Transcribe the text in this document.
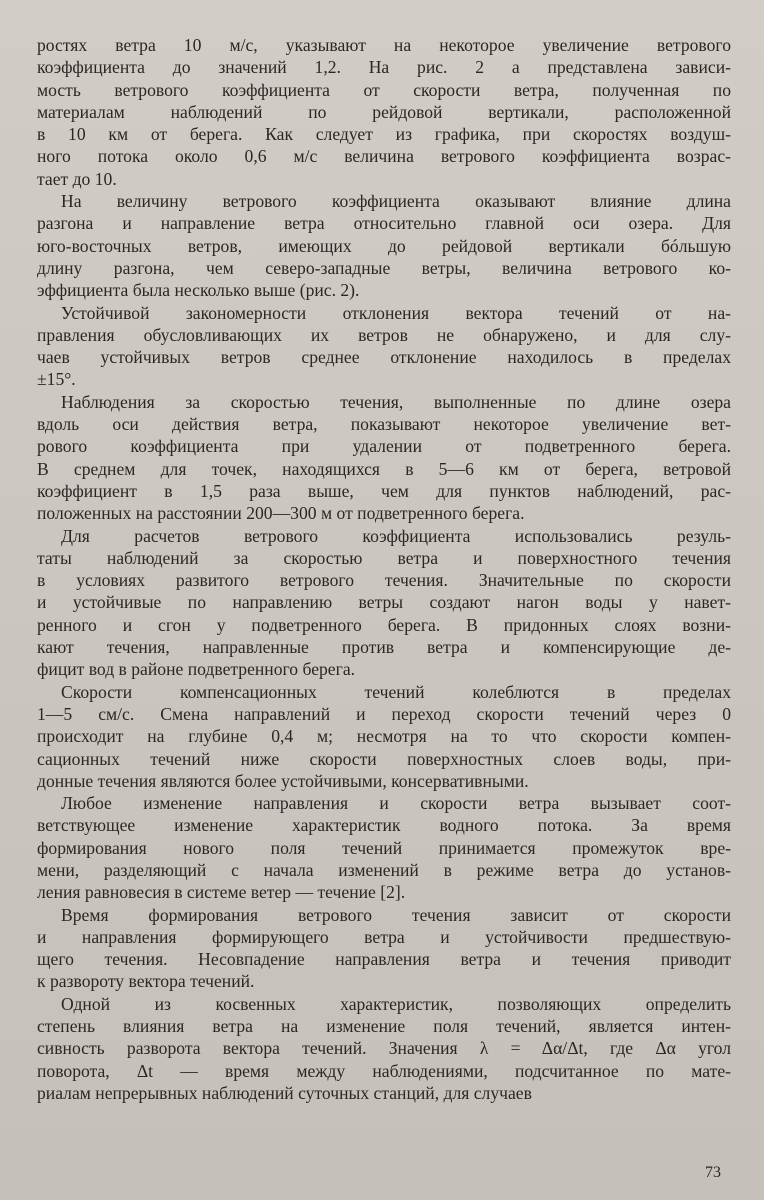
ростях ветра 10 м/с, указывают на некоторое увеличение ветрового
коэффициента до значений 1,2. На рис. 2 а представлена зависи-
мость ветрового коэффициента от скорости ветра, полученная по
материалам наблюдений по рейдовой вертикали, расположенной
в 10 км от берега. Как следует из графика, при скоростях воздуш-
ного потока около 0,6 м/с величина ветрового коэффициента возрас-
тает до 10.
На величину ветрового коэффициента оказывают влияние длина
разгона и направление ветра относительно главной оси озера. Для
юго-восточных ветров, имеющих до рейдовой вертикали бóльшую
длину разгона, чем северо-западные ветры, величина ветрового ко-
эффициента была несколько выше (рис. 2).
Устойчивой закономерности отклонения вектора течений от на-
правления обусловливающих их ветров не обнаружено, и для слу-
чаев устойчивых ветров среднее отклонение находилось в пределах
±15°.
Наблюдения за скоростью течения, выполненные по длине озера
вдоль оси действия ветра, показывают некоторое увеличение вет-
рового коэффициента при удалении от подветренного берега.
В среднем для точек, находящихся в 5—6 км от берега, ветровой
коэффициент в 1,5 раза выше, чем для пунктов наблюдений, рас-
положенных на расстоянии 200—300 м от подветренного берега.
Для расчетов ветрового коэффициента использовались резуль-
таты наблюдений за скоростью ветра и поверхностного течения
в условиях развитого ветрового течения. Значительные по скорости
и устойчивые по направлению ветры создают нагон воды у навет-
ренного и сгон у подветренного берега. В придонных слоях возни-
кают течения, направленные против ветра и компенсирующие де-
фицит вод в районе подветренного берега.
Скорости компенсационных течений колеблются в пределах
1—5 см/с. Смена направлений и переход скорости течений через 0
происходит на глубине 0,4 м; несмотря на то что скорости компен-
сационных течений ниже скорости поверхностных слоев воды, при-
донные течения являются более устойчивыми, консервативными.
Любое изменение направления и скорости ветра вызывает соот-
ветствующее изменение характеристик водного потока. За время
формирования нового поля течений принимается промежуток вре-
мени, разделяющий с начала изменений в режиме ветра до установ-
ления равновесия в системе ветер — течение [2].
Время формирования ветрового течения зависит от скорости
и направления формирующего ветра и устойчивости предшествую-
щего течения. Несовпадение направления ветра и течения приводит
к развороту вектора течений.
Одной из косвенных характеристик, позволяющих определить
степень влияния ветра на изменение поля течений, является интен-
сивность разворота вектора течений. Значения λ = Δα/Δt, где Δα угол
поворота, Δt — время между наблюдениями, подсчитанное по мате-
риалам непрерывных наблюдений суточных станций, для случаев
73
